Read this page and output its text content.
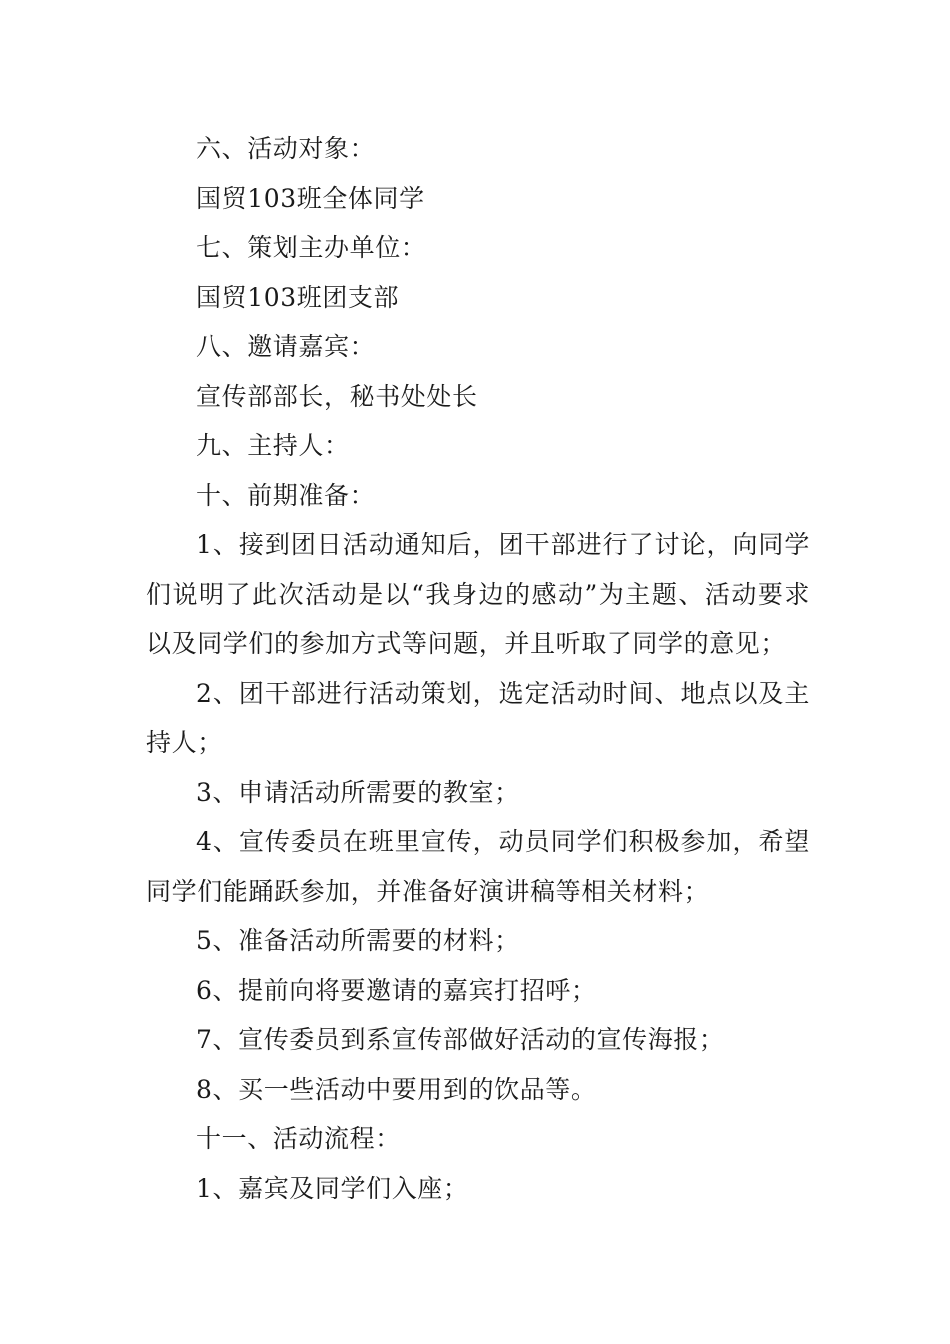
六、活动对象：

国贸103班全体同学

七、策划主办单位：

国贸103班团支部

八、邀请嘉宾：

宣传部部长，秘书处处长

九、主持人：

十、前期准备：

1、接到团日活动通知后，团干部进行了讨论，向同学们说明了此次活动是以“我身边的感动”为主题、活动要求以及同学们的参加方式等问题，并且听取了同学的意见；

2、团干部进行活动策划，选定活动时间、地点以及主持人；

3、申请活动所需要的教室；

4、宣传委员在班里宣传，动员同学们积极参加，希望同学们能踊跃参加，并准备好演讲稿等相关材料；

5、准备活动所需要的材料；

6、提前向将要邀请的嘉宾打招呼；

7、宣传委员到系宣传部做好活动的宣传海报；

8、买一些活动中要用到的饮品等。

十一、活动流程：

1、嘉宾及同学们入座；
